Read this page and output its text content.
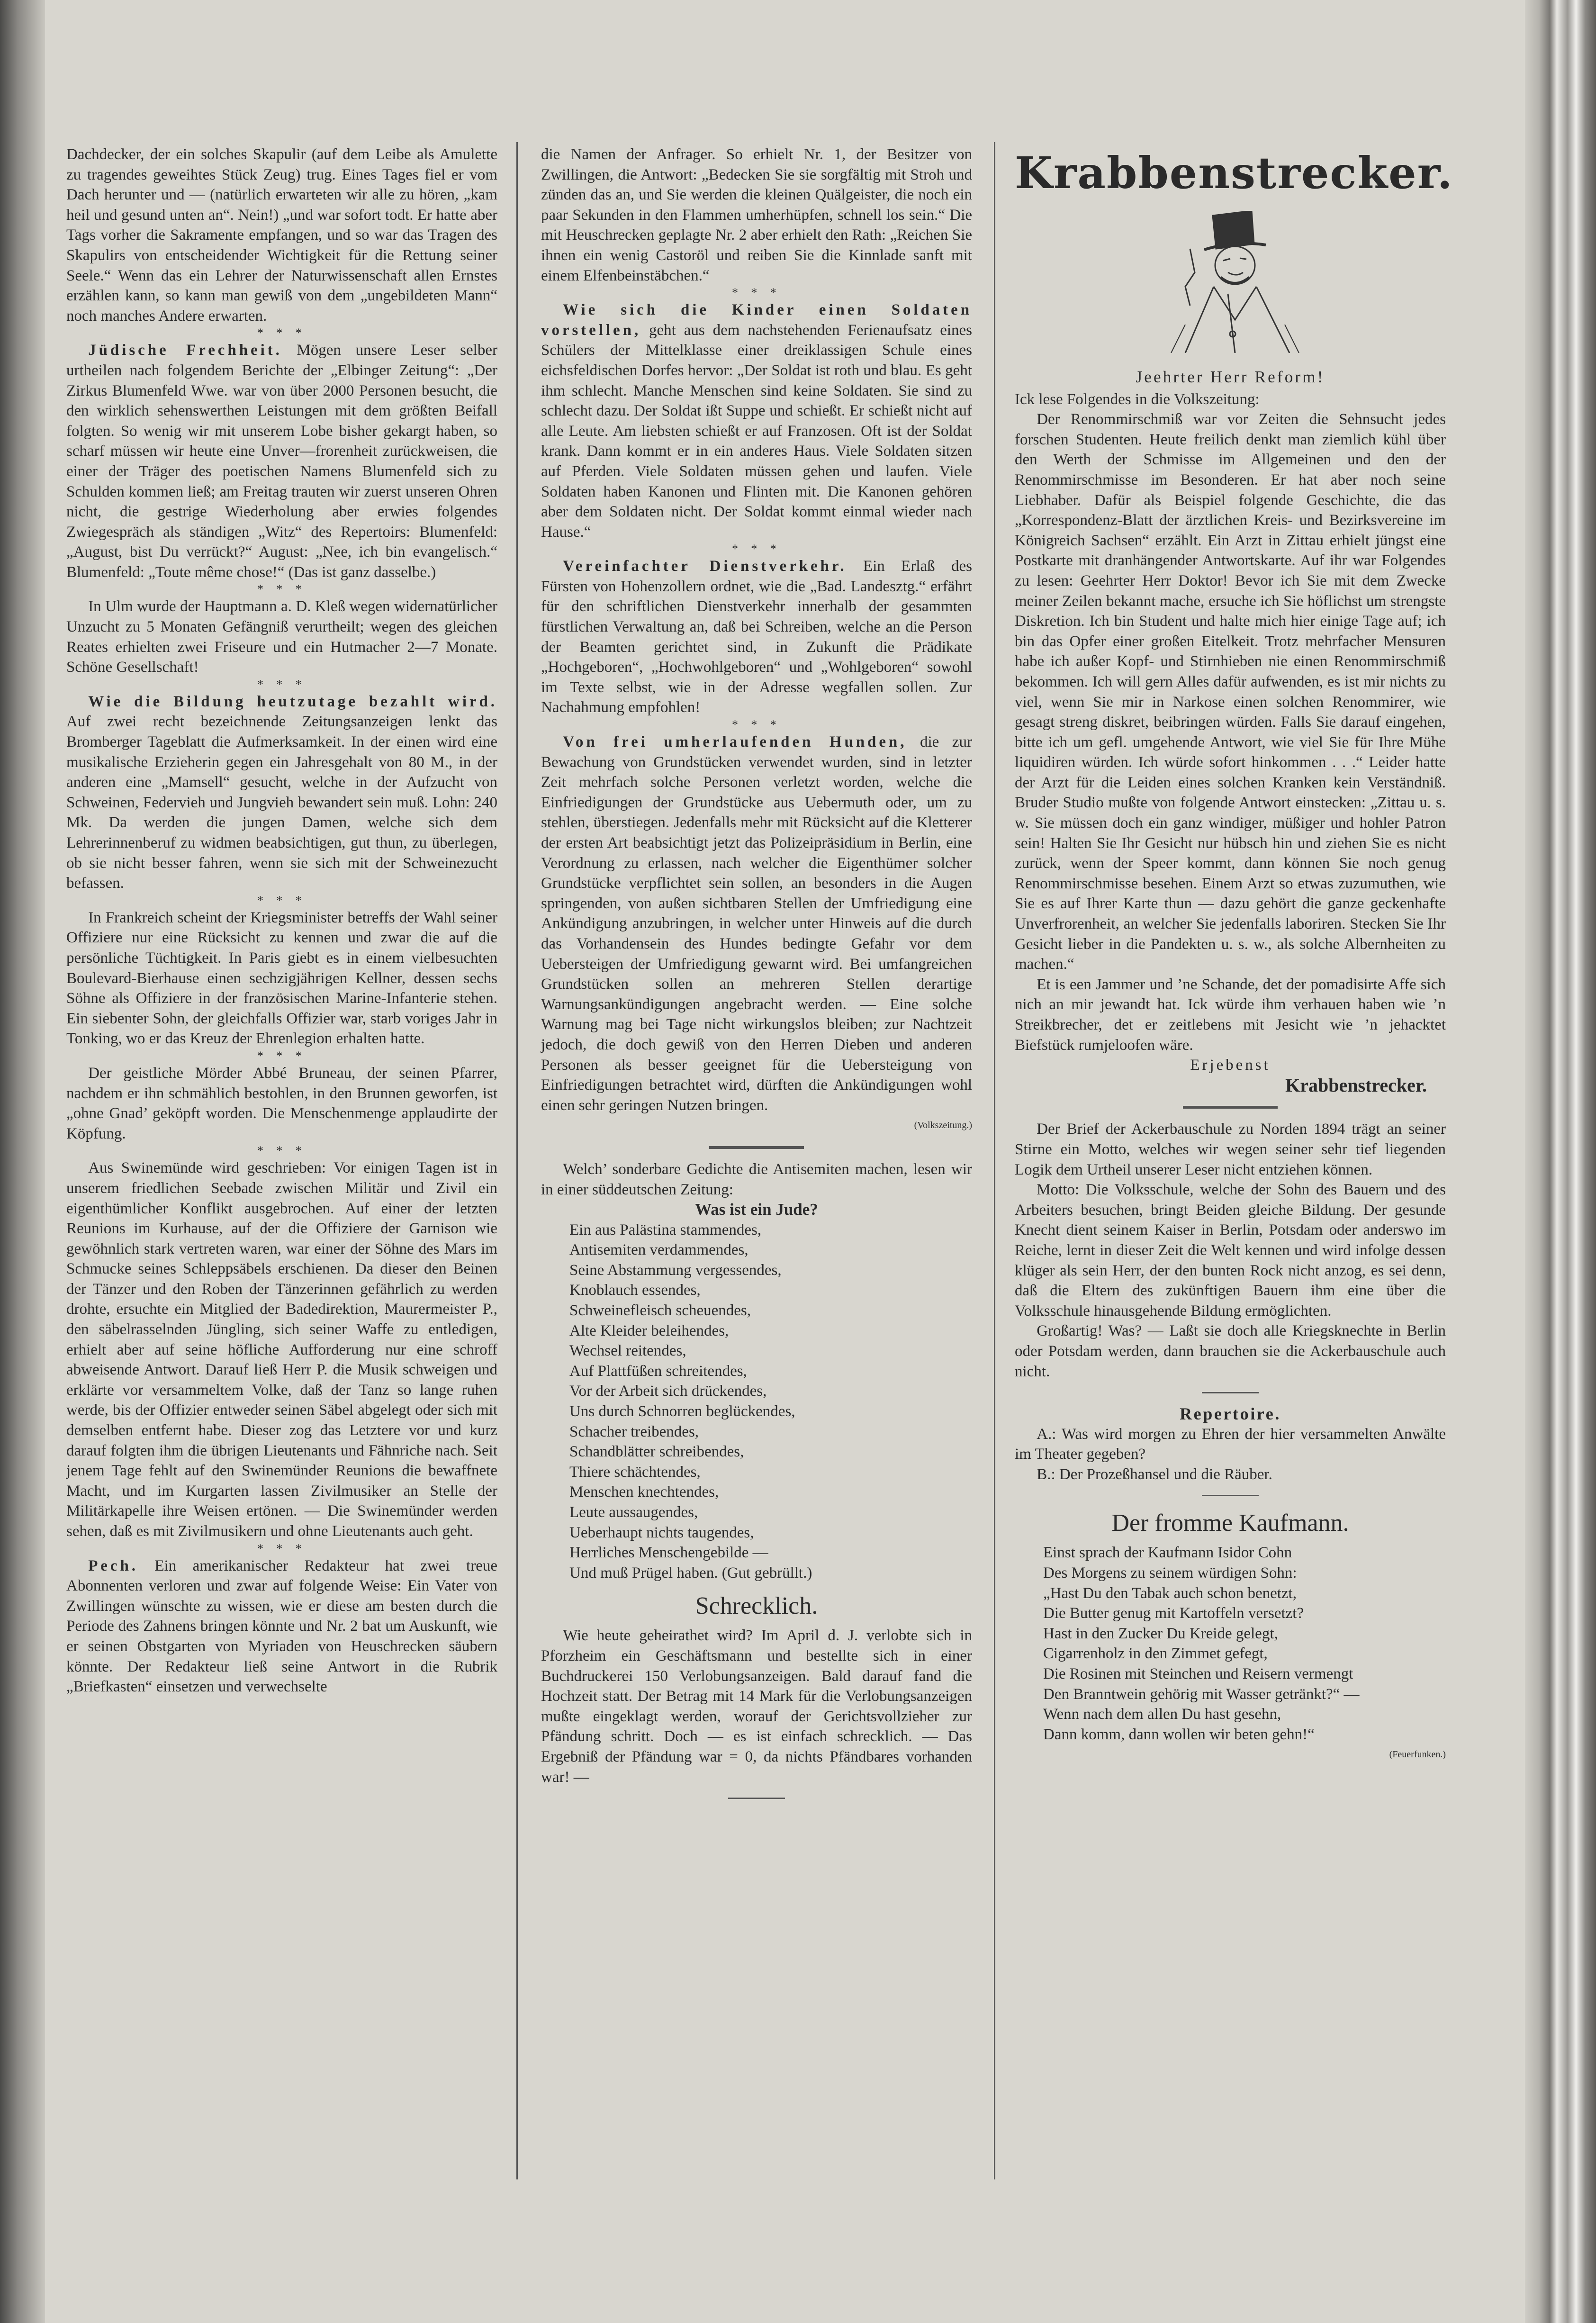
Dachdecker, der ein solches Skapulir (auf dem Leibe als Amulette zu tragendes geweihtes Stück Zeug) trug. Eines Tages fiel er vom Dach herunter und — (natürlich erwarteten wir alle zu hören, „kam heil und gesund unten an“. Nein!) „und war sofort todt. Er hatte aber Tags vorher die Sakramente empfangen, und so war das Tragen des Skapulirs von entscheidender Wichtigkeit für die Rettung seiner Seele.“ Wenn das ein Lehrer der Naturwissenschaft allen Ernstes erzählen kann, so kann man gewiß von dem „ungebildeten Mann“ noch manches Andere erwarten.

* * *

Jüdische Frechheit. Mögen unsere Leser selber urtheilen nach folgendem Berichte der „Elbinger Zeitung“: „Der Zirkus Blumenfeld Wwe. war von über 2000 Personen besucht, die den wirklich sehenswerthen Leistungen mit dem größten Beifall folgten. So wenig wir mit unserem Lobe bisher gekargt haben, so scharf müssen wir heute eine Unver—frorenheit zurückweisen, die einer der Träger des poetischen Namens Blumenfeld sich zu Schulden kommen ließ; am Freitag trauten wir zuerst unseren Ohren nicht, die gestrige Wiederholung aber erwies folgendes Zwiegespräch als ständigen „Witz“ des Repertoirs: Blumenfeld: „August, bist Du verrückt?“ August: „Nee, ich bin evangelisch.“ Blumenfeld: „Toute même chose!“ (Das ist ganz dasselbe.)

* * *

In Ulm wurde der Hauptmann a. D. Kleß wegen widernatürlicher Unzucht zu 5 Monaten Gefängniß verurtheilt; wegen des gleichen Reates erhielten zwei Friseure und ein Hutmacher 2—7 Monate. Schöne Gesellschaft!

* * *

Wie die Bildung heutzutage bezahlt wird. Auf zwei recht bezeichnende Zeitungsanzeigen lenkt das Bromberger Tageblatt die Aufmerksamkeit. In der einen wird eine musikalische Erzieherin gegen ein Jahresgehalt von 80 M., in der anderen eine „Mamsell“ gesucht, welche in der Aufzucht von Schweinen, Federvieh und Jungvieh bewandert sein muß. Lohn: 240 Mk. Da werden die jungen Damen, welche sich dem Lehrerinnenberuf zu widmen beabsichtigen, gut thun, zu überlegen, ob sie nicht besser fahren, wenn sie sich mit der Schweinezucht befassen.

* * *

In Frankreich scheint der Kriegsminister betreffs der Wahl seiner Offiziere nur eine Rücksicht zu kennen und zwar die auf die persönliche Tüchtigkeit. In Paris giebt es in einem vielbesuchten Boulevard-Bierhause einen sechzigjährigen Kellner, dessen sechs Söhne als Offiziere in der französischen Marine-Infanterie stehen. Ein siebenter Sohn, der gleichfalls Offizier war, starb voriges Jahr in Tonking, wo er das Kreuz der Ehrenlegion erhalten hatte.

* * *

Der geistliche Mörder Abbé Bruneau, der seinen Pfarrer, nachdem er ihn schmählich bestohlen, in den Brunnen geworfen, ist „ohne Gnad’ geköpft worden. Die Menschenmenge applaudirte der Köpfung.

* * *

Aus Swinemünde wird geschrieben: Vor einigen Tagen ist in unserem friedlichen Seebade zwischen Militär und Zivil ein eigenthümlicher Konflikt ausgebrochen. Auf einer der letzten Reunions im Kurhause, auf der die Offiziere der Garnison wie gewöhnlich stark vertreten waren, war einer der Söhne des Mars im Schmucke seines Schleppsäbels erschienen. Da dieser den Beinen der Tänzer und den Roben der Tänzerinnen gefährlich zu werden drohte, ersuchte ein Mitglied der Badedirektion, Maurermeister P., den säbelrasselnden Jüngling, sich seiner Waffe zu entledigen, erhielt aber auf seine höfliche Aufforderung nur eine schroff abweisende Antwort. Darauf ließ Herr P. die Musik schweigen und erklärte vor versammeltem Volke, daß der Tanz so lange ruhen werde, bis der Offizier entweder seinen Säbel abgelegt oder sich mit demselben entfernt habe. Dieser zog das Letztere vor und kurz darauf folgten ihm die übrigen Lieutenants und Fähnriche nach. Seit jenem Tage fehlt auf den Swinemünder Reunions die bewaffnete Macht, und im Kurgarten lassen Zivilmusiker an Stelle der Militärkapelle ihre Weisen ertönen. — Die Swinemünder werden sehen, daß es mit Zivilmusikern und ohne Lieutenants auch geht.

* * *

Pech. Ein amerikanischer Redakteur hat zwei treue Abonnenten verloren und zwar auf folgende Weise: Ein Vater von Zwillingen wünschte zu wissen, wie er diese am besten durch die Periode des Zahnens bringen könnte und Nr. 2 bat um Auskunft, wie er seinen Obstgarten von Myriaden von Heuschrecken säubern könnte. Der Redakteur ließ seine Antwort in die Rubrik „Briefkasten“ einsetzen und verwechselte

die Namen der Anfrager. So erhielt Nr. 1, der Besitzer von Zwillingen, die Antwort: „Bedecken Sie sie sorgfältig mit Stroh und zünden das an, und Sie werden die kleinen Quälgeister, die noch ein paar Sekunden in den Flammen umherhüpfen, schnell los sein.“ Die mit Heuschrecken geplagte Nr. 2 aber erhielt den Rath: „Reichen Sie ihnen ein wenig Castoröl und reiben Sie die Kinnlade sanft mit einem Elfenbeinstäbchen.“

* * *

Wie sich die Kinder einen Soldaten vorstellen, geht aus dem nachstehenden Ferienaufsatz eines Schülers der Mittelklasse einer dreiklassigen Schule eines eichsfeldischen Dorfes hervor: „Der Soldat ist roth und blau. Es geht ihm schlecht. Manche Menschen sind keine Soldaten. Sie sind zu schlecht dazu. Der Soldat ißt Suppe und schießt. Er schießt nicht auf alle Leute. Am liebsten schießt er auf Franzosen. Oft ist der Soldat krank. Dann kommt er in ein anderes Haus. Viele Soldaten sitzen auf Pferden. Viele Soldaten müssen gehen und laufen. Viele Soldaten haben Kanonen und Flinten mit. Die Kanonen gehören aber dem Soldaten nicht. Der Soldat kommt einmal wieder nach Hause.“

* * *

Vereinfachter Dienstverkehr. Ein Erlaß des Fürsten von Hohenzollern ordnet, wie die „Bad. Landesztg.“ erfährt für den schriftlichen Dienstverkehr innerhalb der gesammten fürstlichen Verwaltung an, daß bei Schreiben, welche an die Person der Beamten gerichtet sind, in Zukunft die Prädikate „Hochgeboren“, „Hochwohlgeboren“ und „Wohlgeboren“ sowohl im Texte selbst, wie in der Adresse wegfallen sollen. Zur Nachahmung empfohlen!

* * *

Von frei umherlaufenden Hunden, die zur Bewachung von Grundstücken verwendet wurden, sind in letzter Zeit mehrfach solche Personen verletzt worden, welche die Einfriedigungen der Grundstücke aus Uebermuth oder, um zu stehlen, überstiegen. Jedenfalls mehr mit Rücksicht auf die Kletterer der ersten Art beabsichtigt jetzt das Polizeipräsidium in Berlin, eine Verordnung zu erlassen, nach welcher die Eigenthümer solcher Grundstücke verpflichtet sein sollen, an besonders in die Augen springenden, von außen sichtbaren Stellen der Umfriedigung eine Ankündigung anzubringen, in welcher unter Hinweis auf die durch das Vorhandensein des Hundes bedingte Gefahr vor dem Uebersteigen der Umfriedigung gewarnt wird. Bei umfangreichen Grundstücken sollen an mehreren Stellen derartige Warnungsankündigungen angebracht werden. — Eine solche Warnung mag bei Tage nicht wirkungslos bleiben; zur Nachtzeit jedoch, die doch gewiß von den Herren Dieben und anderen Personen als besser geeignet für die Uebersteigung von Einfriedigungen betrachtet wird, dürften die Ankündigungen wohl einen sehr geringen Nutzen bringen.

(Volkszeitung.)

Welch’ sonderbare Gedichte die Antisemiten machen, lesen wir in einer süddeutschen Zeitung:

Was ist ein Jude?
Ein aus Palästina stammendes,
Antisemiten verdammendes,
Seine Abstammung vergessendes,
Knoblauch essendes,
Schweinefleisch scheuendes,
Alte Kleider beleihendes,
Wechsel reitendes,
Auf Plattfüßen schreitendes,
Vor der Arbeit sich drückendes,
Uns durch Schnorren beglückendes,
Schacher treibendes,
Schandblätter schreibendes,
Thiere schächtendes,
Menschen knechtendes,
Leute aussaugendes,
Ueberhaupt nichts taugendes,
Herrliches Menschengebilde —
Und muß Prügel haben. (Gut gebrüllt.)
Schrecklich.

Wie heute geheirathet wird? Im April d. J. verlobte sich in Pforzheim ein Geschäftsmann und bestellte sich in einer Buchdruckerei 150 Verlobungsanzeigen. Bald darauf fand die Hochzeit statt. Der Betrag mit 14 Mark für die Verlobungsanzeigen mußte eingeklagt werden, worauf der Gerichtsvollzieher zur Pfändung schritt. Doch — es ist einfach schrecklich. — Das Ergebniß der Pfändung war = 0, da nichts Pfändbares vorhanden war! —

Krabbenstrecker.
Jeehrter Herr Reform!

Ick lese Folgendes in die Volkszeitung:

Der Renommirschmiß war vor Zeiten die Sehnsucht jedes forschen Studenten. Heute freilich denkt man ziemlich kühl über den Werth der Schmisse im Allgemeinen und den der Renommirschmisse im Besonderen. Er hat aber noch seine Liebhaber. Dafür als Beispiel folgende Geschichte, die das „Korrespondenz-Blatt der ärztlichen Kreis- und Bezirksvereine im Königreich Sachsen“ erzählt. Ein Arzt in Zittau erhielt jüngst eine Postkarte mit dranhängender Antwortskarte. Auf ihr war Folgendes zu lesen: Geehrter Herr Doktor! Bevor ich Sie mit dem Zwecke meiner Zeilen bekannt mache, ersuche ich Sie höflichst um strengste Diskretion. Ich bin Student und halte mich hier einige Tage auf; ich bin das Opfer einer großen Eitelkeit. Trotz mehrfacher Mensuren habe ich außer Kopf- und Stirnhieben nie einen Renommirschmiß bekommen. Ich will gern Alles dafür aufwenden, es ist mir nichts zu viel, wenn Sie mir in Narkose einen solchen Renommirer, wie gesagt streng diskret, beibringen würden. Falls Sie darauf eingehen, bitte ich um gefl. umgehende Antwort, wie viel Sie für Ihre Mühe liquidiren würden. Ich würde sofort hinkommen . . .“ Leider hatte der Arzt für die Leiden eines solchen Kranken kein Verständniß. Bruder Studio mußte von folgende Antwort einstecken: „Zittau u. s. w. Sie müssen doch ein ganz windiger, müßiger und hohler Patron sein! Halten Sie Ihr Gesicht nur hübsch hin und ziehen Sie es nicht zurück, wenn der Speer kommt, dann können Sie noch genug Renommirschmisse besehen. Einem Arzt so etwas zuzumuthen, wie Sie es auf Ihrer Karte thun — dazu gehört die ganze geckenhafte Unverfrorenheit, an welcher Sie jedenfalls laboriren. Stecken Sie Ihr Gesicht lieber in die Pandekten u. s. w., als solche Albernheiten zu machen.“

Et is een Jammer und ’ne Schande, det der pomadisirte Affe sich nich an mir jewandt hat. Ick würde ihm verhauen haben wie ’n Streikbrecher, det er zeitlebens mit Jesicht wie ’n jehacktet Biefstück rumjeloofen wäre.

Erjebenst
Krabbenstrecker.

Der Brief der Ackerbauschule zu Norden 1894 trägt an seiner Stirne ein Motto, welches wir wegen seiner sehr tief liegenden Logik dem Urtheil unserer Leser nicht entziehen können.

Motto: Die Volksschule, welche der Sohn des Bauern und des Arbeiters besuchen, bringt Beiden gleiche Bildung. Der gesunde Knecht dient seinem Kaiser in Berlin, Potsdam oder anderswo im Reiche, lernt in dieser Zeit die Welt kennen und wird infolge dessen klüger als sein Herr, der den bunten Rock nicht anzog, es sei denn, daß die Eltern des zukünftigen Bauern ihm eine über die Volksschule hinausgehende Bildung ermöglichten.

Großartig! Was? — Laßt sie doch alle Kriegsknechte in Berlin oder Potsdam werden, dann brauchen sie die Ackerbauschule auch nicht.

Repertoire.

A.: Was wird morgen zu Ehren der hier versammelten Anwälte im Theater gegeben?

B.: Der Prozeßhansel und die Räuber.

Der fromme Kaufmann.
Einst sprach der Kaufmann Isidor Cohn
Des Morgens zu seinem würdigen Sohn:
„Hast Du den Tabak auch schon benetzt,
Die Butter genug mit Kartoffeln versetzt?
Hast in den Zucker Du Kreide gelegt,
Cigarrenholz in den Zimmet gefegt,
Die Rosinen mit Steinchen und Reisern vermengt
Den Branntwein gehörig mit Wasser getränkt?“ —
Wenn nach dem allen Du hast gesehn,
Dann komm, dann wollen wir beten gehn!“
(Feuerfunken.)
